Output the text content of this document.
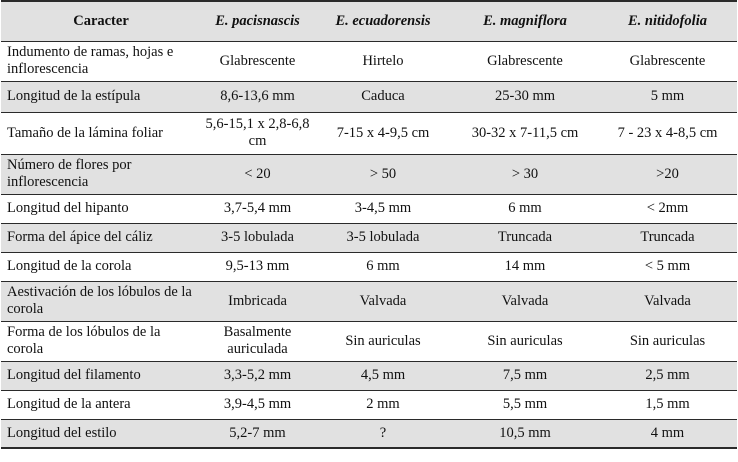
Caracter	E. pacisnascis	E. ecuadorensis	E. magniflora	E. nitidofolia
Indumento de ramas, hojas e inflorescencia	Glabrescente	Hirtelo	Glabrescente	Glabrescente
Longitud de la estípula	8,6-13,6 mm	Caduca	25-30 mm	5 mm
Tamaño de la lámina foliar	5,6-15,1 x 2,8-6,8 cm	7-15 x 4-9,5 cm	30-32 x 7-11,5 cm	7 - 23 x 4-8,5 cm
Número de flores por inflorescencia	< 20	> 50	> 30	>20
Longitud del hipanto	3,7-5,4 mm	3-4,5 mm	6 mm	< 2mm
Forma del ápice del cáliz	3-5 lobulada	3-5 lobulada	Truncada	Truncada
Longitud de la corola	9,5-13 mm	6 mm	14 mm	< 5 mm
Aestivación de los lóbulos de la corola	Imbricada	Valvada	Valvada	Valvada
Forma de los lóbulos de la corola	Basalmente auriculada	Sin auriculas	Sin auriculas	Sin auriculas
Longitud del filamento	3,3-5,2 mm	4,5 mm	7,5 mm	2,5 mm
Longitud de la antera	3,9-4,5 mm	2 mm	5,5 mm	1,5 mm
Longitud del estilo	5,2-7 mm	?	10,5 mm	4 mm
